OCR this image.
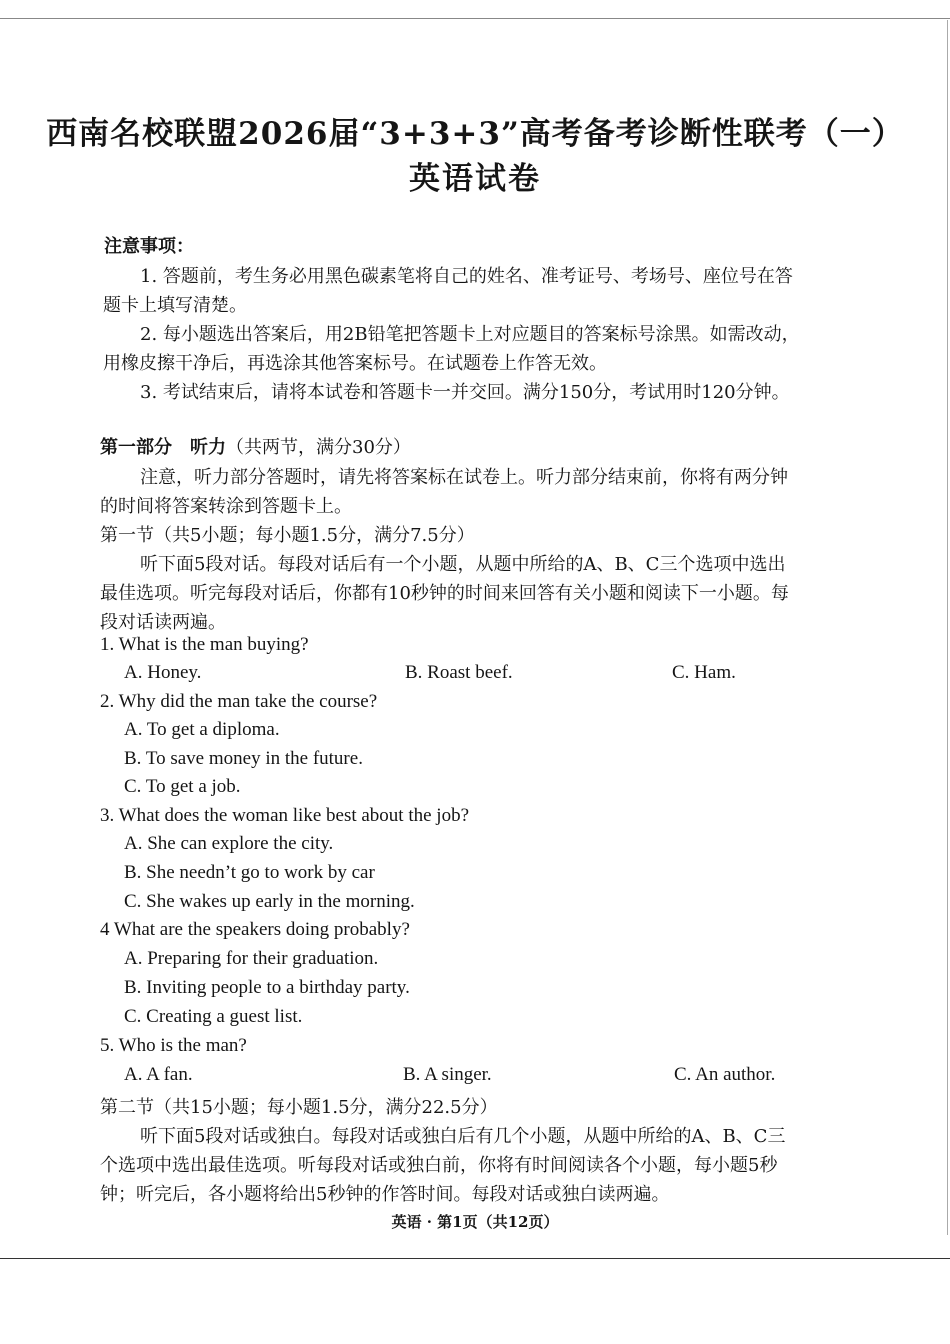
西南名校联盟2026届“3+3+3”高考备考诊断性联考（一）
英语试卷
注意事项：
1. 答题前，考生务必用黑色碳素笔将自己的姓名、准考证号、考场号、座位号在答
题卡上填写清楚。
2. 每小题选出答案后，用2B铅笔把答题卡上对应题目的答案标号涂黑。如需改动，
用橡皮擦干净后，再选涂其他答案标号。在试题卷上作答无效。
3. 考试结束后，请将本试卷和答题卡一并交回。满分150分，考试用时120分钟。
第一部分　听力（共两节，满分30分）
注意，听力部分答题时，请先将答案标在试卷上。听力部分结束前，你将有两分钟
的时间将答案转涂到答题卡上。
第一节（共5小题；每小题1.5分，满分7.5分）
听下面5段对话。每段对话后有一个小题，从题中所给的A、B、C三个选项中选出
最佳选项。听完每段对话后，你都有10秒钟的时间来回答有关小题和阅读下一小题。每
段对话读两遍。
1. What is the man buying?
A. Honey.	B. Roast beef.	C. Ham.
2. Why did the man take the course?
A. To get a diploma.
B. To save money in the future.
C. To get a job.
3. What does the woman like best about the job?
A. She can explore the city.
B. She needn’t go to work by car
C. She wakes up early in the morning.
4 What are the speakers doing probably?
A. Preparing for their graduation.
B. Inviting people to a birthday party.
C. Creating a guest list.
5. Who is the man?
A. A fan.	B. A singer.	C. An author.
第二节（共15小题；每小题1.5分，满分22.5分）
听下面5段对话或独白。每段对话或独白后有几个小题，从题中所给的A、B、C三
个选项中选出最佳选项。听每段对话或独白前，你将有时间阅读各个小题，每小题5秒
钟；听完后，各小题将给出5秒钟的作答时间。每段对话或独白读两遍。
英语 · 第1页（共12页）
